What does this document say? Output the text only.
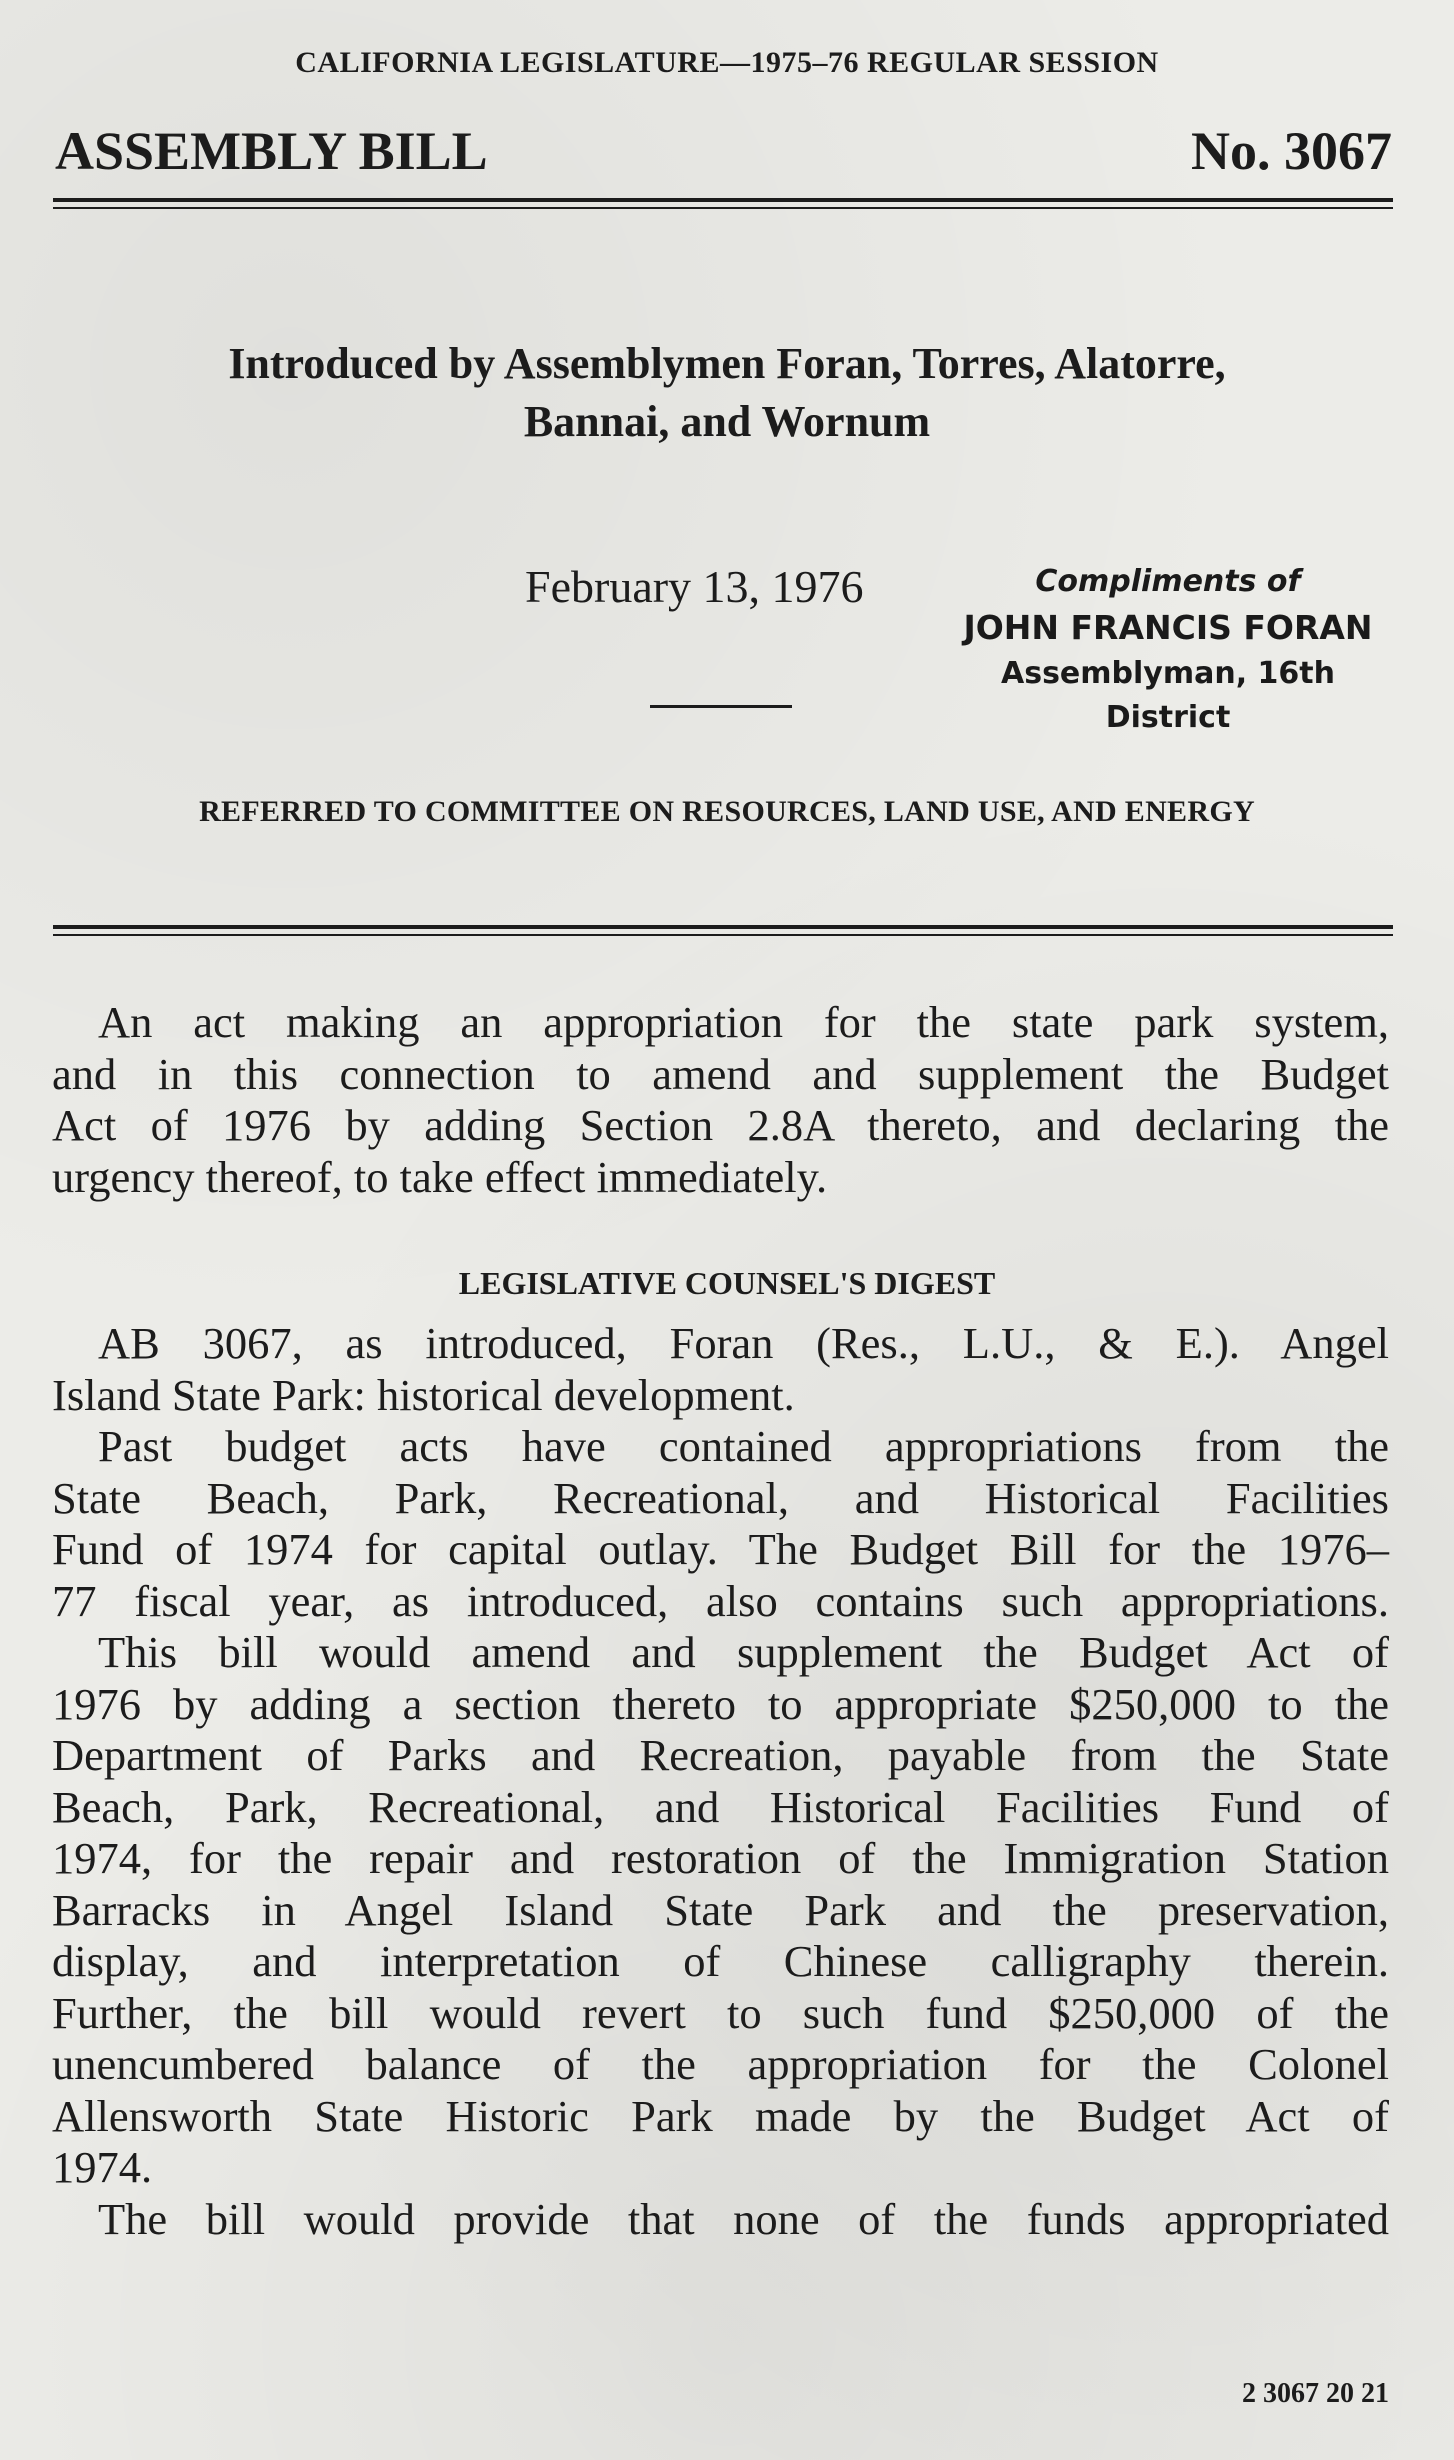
CALIFORNIA LEGISLATURE—1975–76 REGULAR SESSION
ASSEMBLY BILL	No. 3067
Introduced by Assemblymen Foran, Torres, Alatorre,
Bannai, and Wornum
February 13, 1976	Compliments of
JOHN FRANCIS FORAN
Assemblyman, 16th District
REFERRED TO COMMITTEE ON RESOURCES, LAND USE, AND ENERGY
An act making an appropriation for the state park system,
and in this connection to amend and supplement the Budget
Act of 1976 by adding Section 2.8A thereto, and declaring the
urgency thereof, to take effect immediately.
LEGISLATIVE COUNSEL'S DIGEST
AB 3067, as introduced, Foran (Res., L.U., & E.). Angel
Island State Park: historical development.
Past budget acts have contained appropriations from the
State Beach, Park, Recreational, and Historical Facilities
Fund of 1974 for capital outlay. The Budget Bill for the 1976–
77 fiscal year, as introduced, also contains such appropriations.
This bill would amend and supplement the Budget Act of
1976 by adding a section thereto to appropriate $250,000 to the
Department of Parks and Recreation, payable from the State
Beach, Park, Recreational, and Historical Facilities Fund of
1974, for the repair and restoration of the Immigration Station
Barracks in Angel Island State Park and the preservation,
display, and interpretation of Chinese calligraphy therein.
Further, the bill would revert to such fund $250,000 of the
unencumbered balance of the appropriation for the Colonel
Allensworth State Historic Park made by the Budget Act of
1974.
The bill would provide that none of the funds appropriated
2 3067 20 21
